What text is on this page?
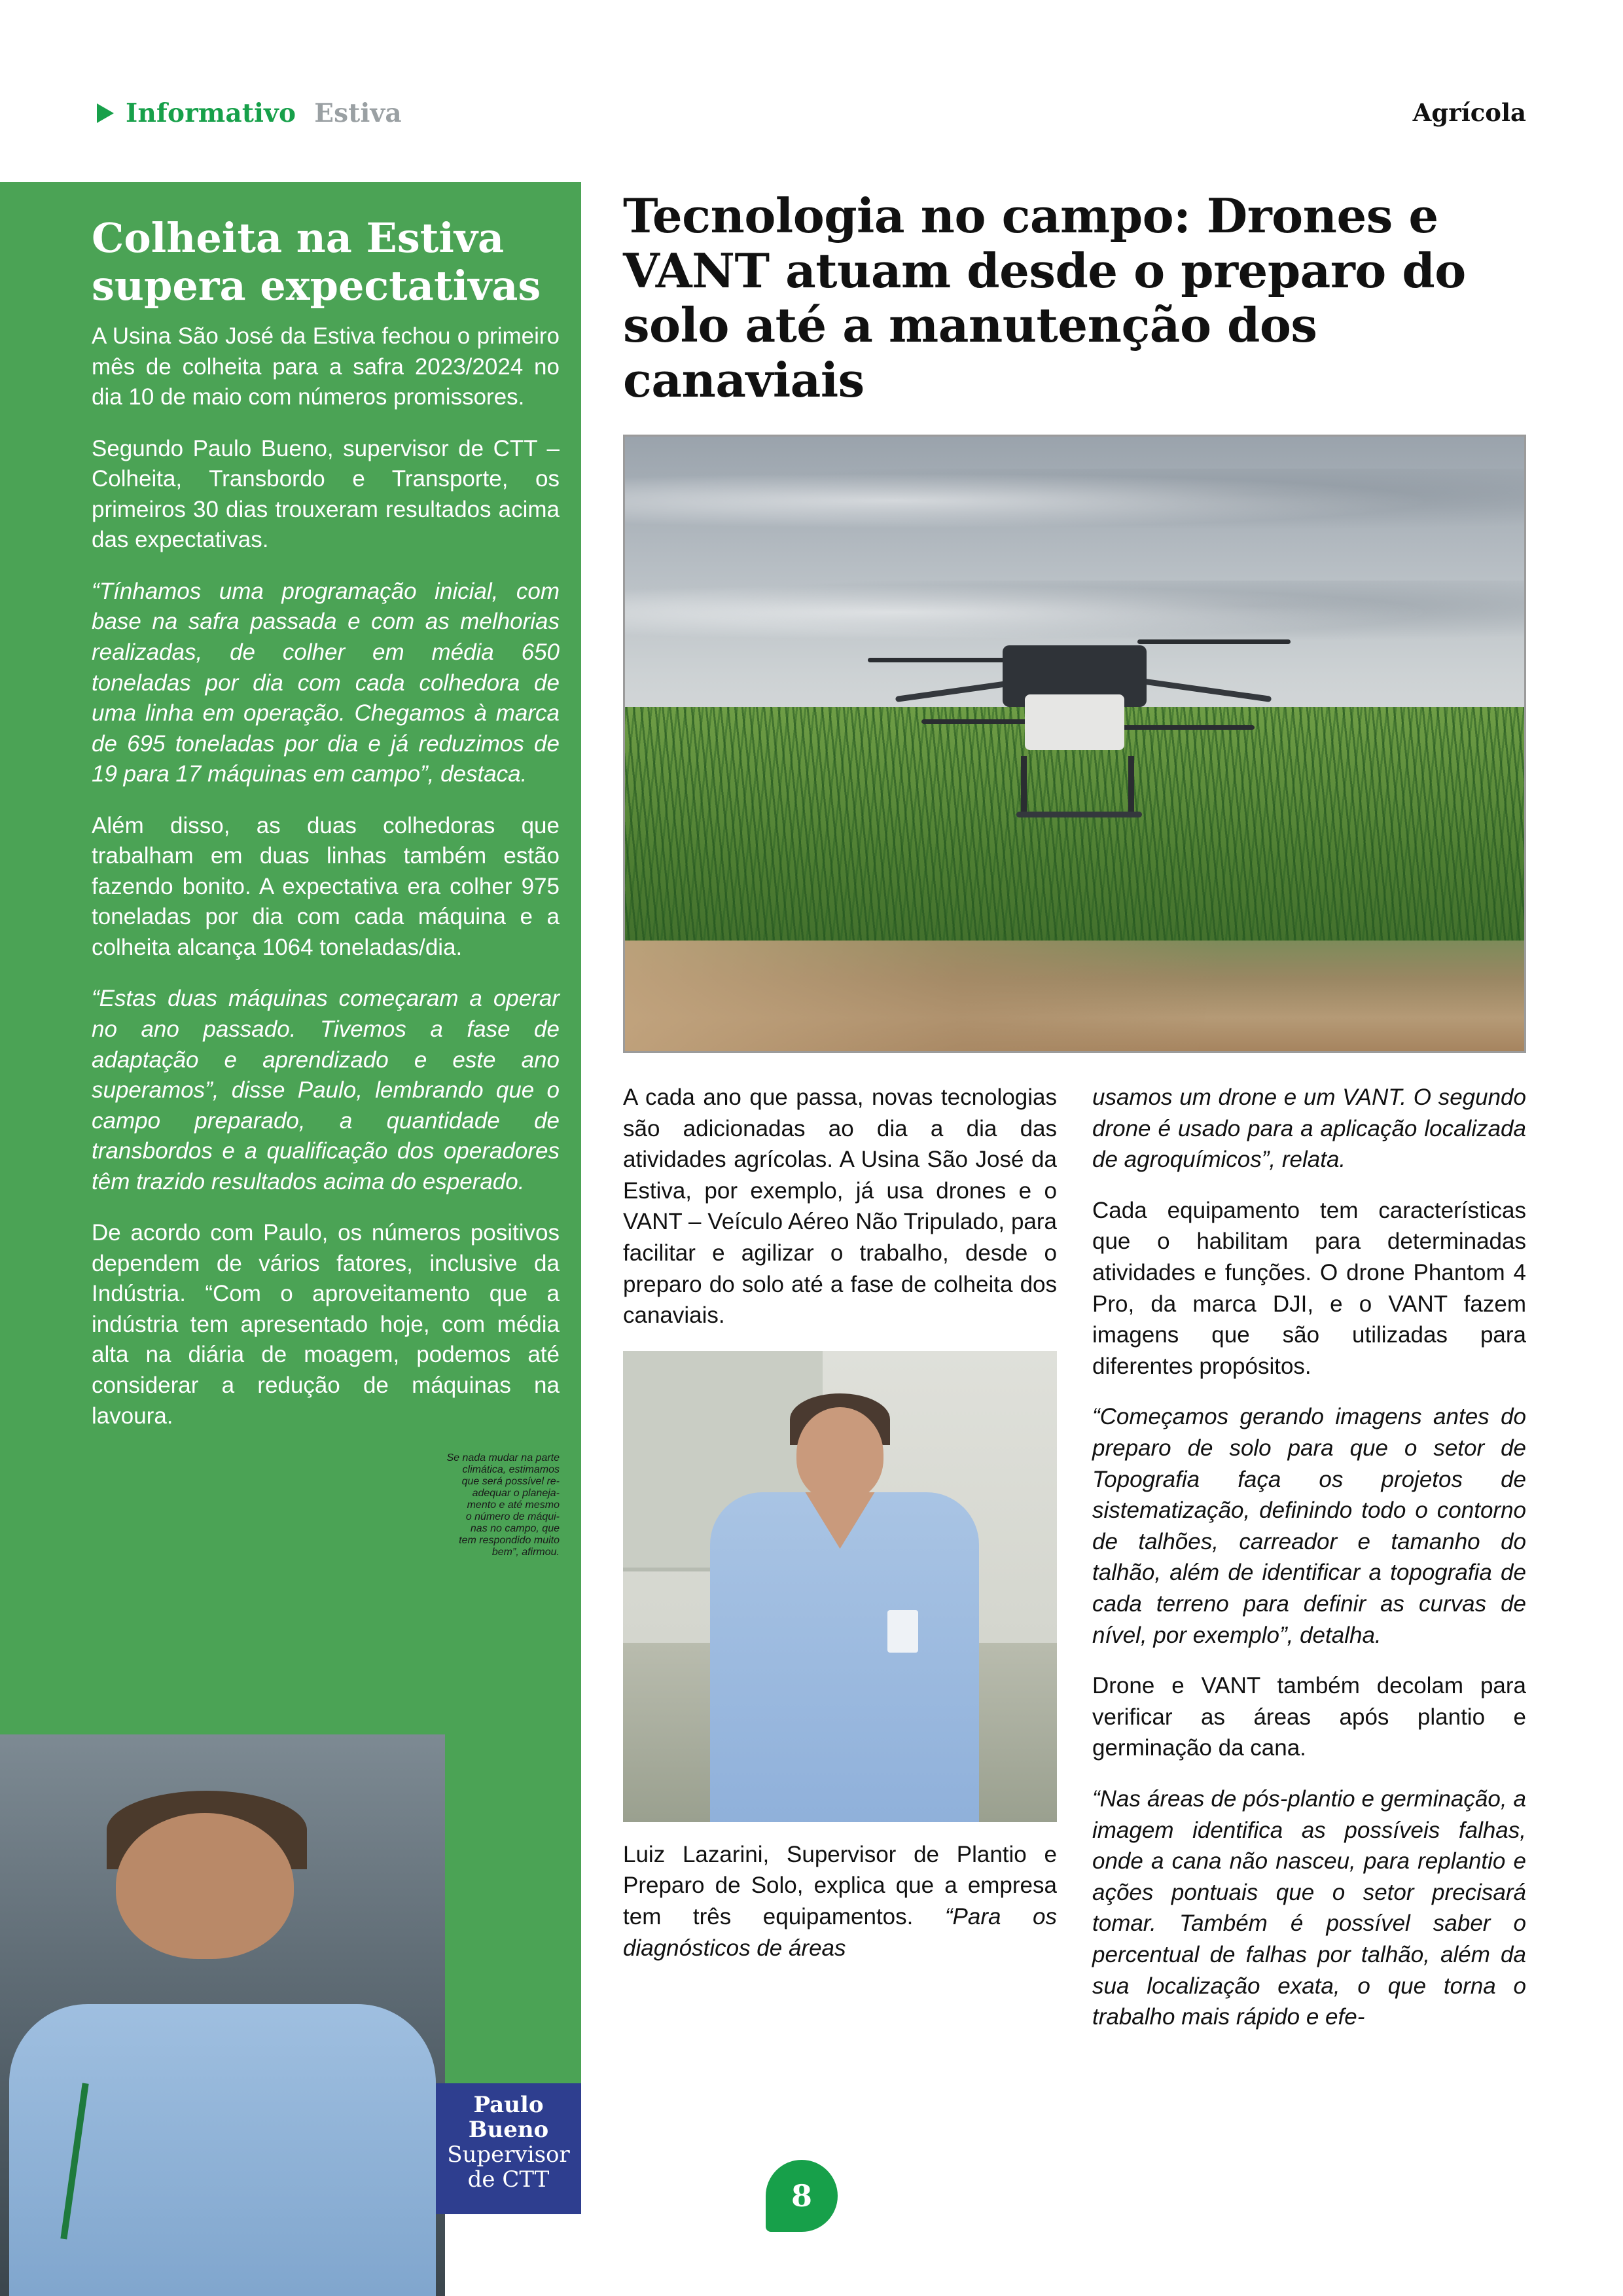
Informativo Estiva	Agrícola
Colheita na Estiva supera expectativas

A Usina São José da Estiva fechou o primeiro mês de colheita para a safra 2023/2024 no dia 10 de maio com números promissores.

Segundo Paulo Bueno, supervisor de CTT – Colheita, Transbordo e Transporte, os primeiros 30 dias trouxeram resultados acima das expectativas.

“Tínhamos uma programação inicial, com base na safra passada e com as melhorias realizadas, de colher em média 650 toneladas por dia com cada colhedora de uma linha em operação. Chegamos à marca de 695 toneladas por dia e já reduzimos de 19 para 17 máquinas em campo”, destaca.

Além disso, as duas colhedoras que trabalham em duas linhas também estão fazendo bonito. A expectativa era colher 975 toneladas por dia com cada máquina e a colheita alcança 1064 toneladas/dia.

“Estas duas máquinas começaram a operar no ano passado. Tivemos a fase de adaptação e aprendizado e este ano superamos”, disse Paulo, lembrando que o campo preparado, a quantidade de transbordos e a qualificação dos operadores têm trazido resultados acima do esperado.

De acordo com Paulo, os números positivos dependem de vários fatores, inclusive da Indústria. “Com o aproveitamento que a indústria tem apresentado hoje, com média alta na diária de moagem, podemos até considerar a redução de máquinas na lavoura.

Se nada mudar na parte
climática, estimamos
que será possível re-
adequar o planeja-
mento e até mesmo
o número de máqui-
nas no campo, que
tem respondido muito
bem”, afirmou.
Paulo
Bueno
Supervisor
de CTT
Tecnologia no campo: Drones e VANT atuam desde o preparo do solo até a manutenção dos canaviais

A cada ano que passa, novas tecnologias são adicionadas ao dia a dia das atividades agrícolas. A Usina São José da Estiva, por exemplo, já usa drones e o VANT – Veículo Aéreo Não Tripulado, para facilitar e agilizar o trabalho, desde o preparo do solo até a fase de colheita dos canaviais.

Luiz Lazarini, Supervisor de Plantio e Preparo de Solo, explica que a empresa tem três equipamentos. “Para os diagnósticos de áreas

usamos um drone e um VANT. O segundo drone é usado para a aplicação localizada de agroquímicos”, relata.

Cada equipamento tem características que o habilitam para determinadas atividades e funções. O drone Phantom 4 Pro, da marca DJI, e o VANT fazem imagens que são utilizadas para diferentes propósitos.

“Começamos gerando imagens antes do preparo de solo para que o setor de Topografia faça os projetos de sistematização, definindo todo o contorno de talhões, carreador e tamanho do talhão, além de identificar a topografia de cada terreno para definir as curvas de nível, por exemplo”, detalha.

Drone e VANT também decolam para verificar as áreas após plantio e germinação da cana.

“Nas áreas de pós-plantio e germinação, a imagem identifica as possíveis falhas, onde a cana não nasceu, para replantio e ações pontuais que o setor precisará tomar. Também é possível saber o percentual de falhas por talhão, além da sua localização exata, o que torna o trabalho mais rápido e efe-

8
